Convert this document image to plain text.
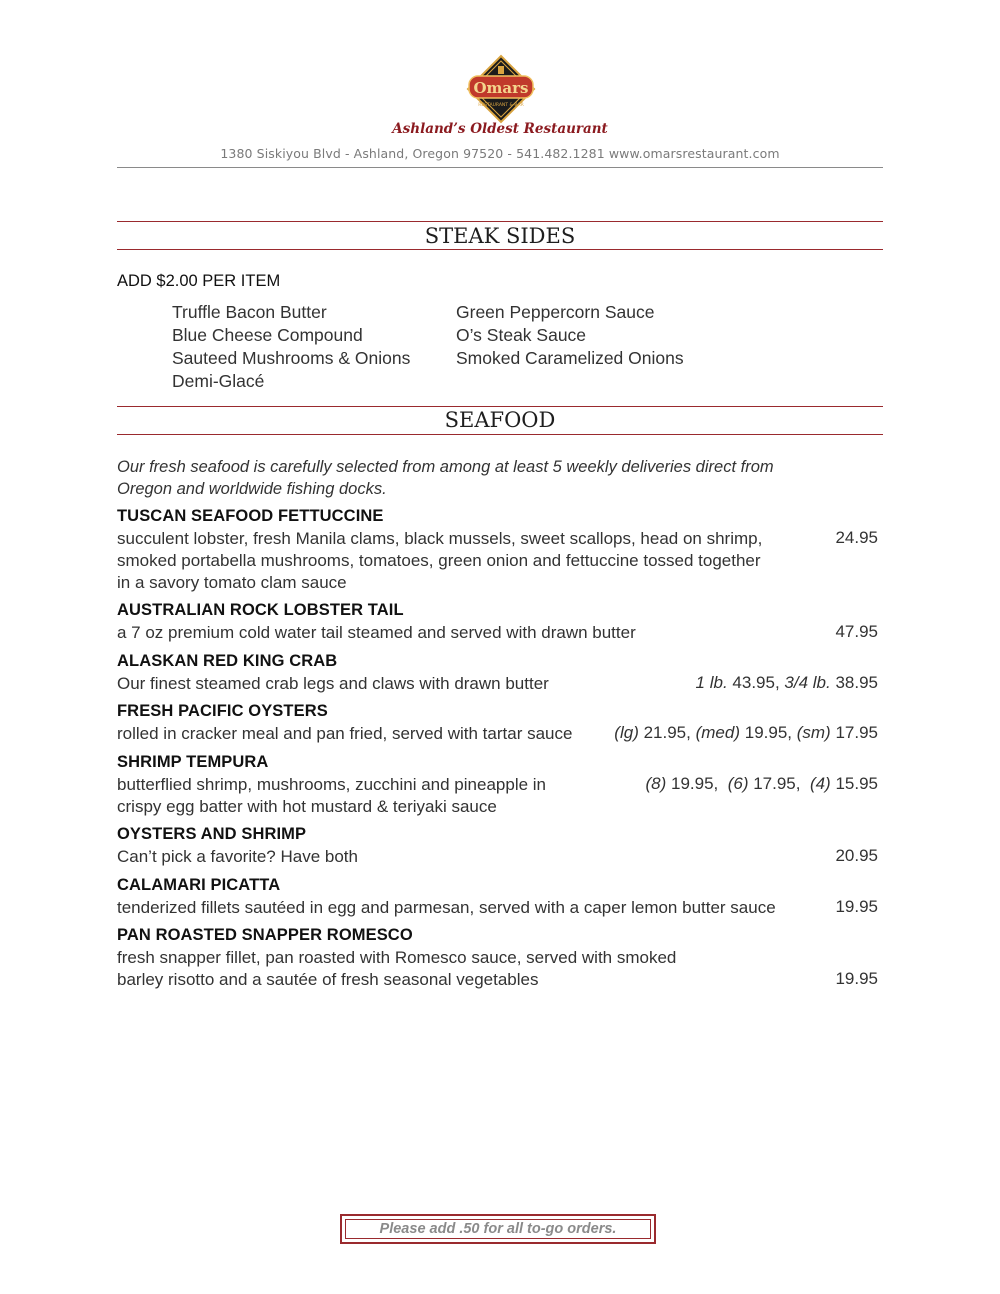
Omars
RESTAURANT & BAR
Ashland’s Oldest Restaurant
1380 Siskiyou Blvd - Ashland, Oregon 97520 - 541.482.1281 www.omarsrestaurant.com
STEAK SIDES
ADD $2.00 PER ITEM
Truffle Bacon Butter
Blue Cheese Compound
Sauteed Mushrooms & Onions
Demi-Glacé
Green Peppercorn Sauce
O’s Steak Sauce
Smoked Caramelized Onions
SEAFOOD
Our fresh seafood is carefully selected from among at least 5 weekly deliveries direct from Oregon and worldwide fishing docks.
TUSCAN SEAFOOD FETTUCCINE
succulent lobster, fresh Manila clams, black mussels, sweet scallops, head on shrimp,
smoked portabella mushrooms, tomatoes, green onion and fettuccine tossed together
in a savory tomato clam sauce
24.95
AUSTRALIAN ROCK LOBSTER TAIL
a 7 oz premium cold water tail steamed and served with drawn butter	47.95
ALASKAN RED KING CRAB
Our finest steamed crab legs and claws with drawn butter	1 lb. 43.95, 3/4 lb. 38.95
FRESH PACIFIC OYSTERS
rolled in cracker meal and pan fried, served with tartar sauce (lg) 21.95, (med) 19.95, (sm) 17.95
SHRIMP TEMPURA
butterflied shrimp, mushrooms, zucchini and pineapple in
crispy egg batter with hot mustard & teriyaki sauce
(8) 19.95, (6) 17.95, (4) 15.95
OYSTERS AND SHRIMP
Can’t pick a favorite? Have both	20.95
CALAMARI PICATTA
tenderized fillets sautéed in egg and parmesan, served with a caper lemon butter sauce	19.95
PAN ROASTED SNAPPER ROMESCO
fresh snapper fillet, pan roasted with Romesco sauce, served with smoked
barley risotto and a sautée of fresh seasonal vegetables	19.95
Please add .50 for all to-go orders.
